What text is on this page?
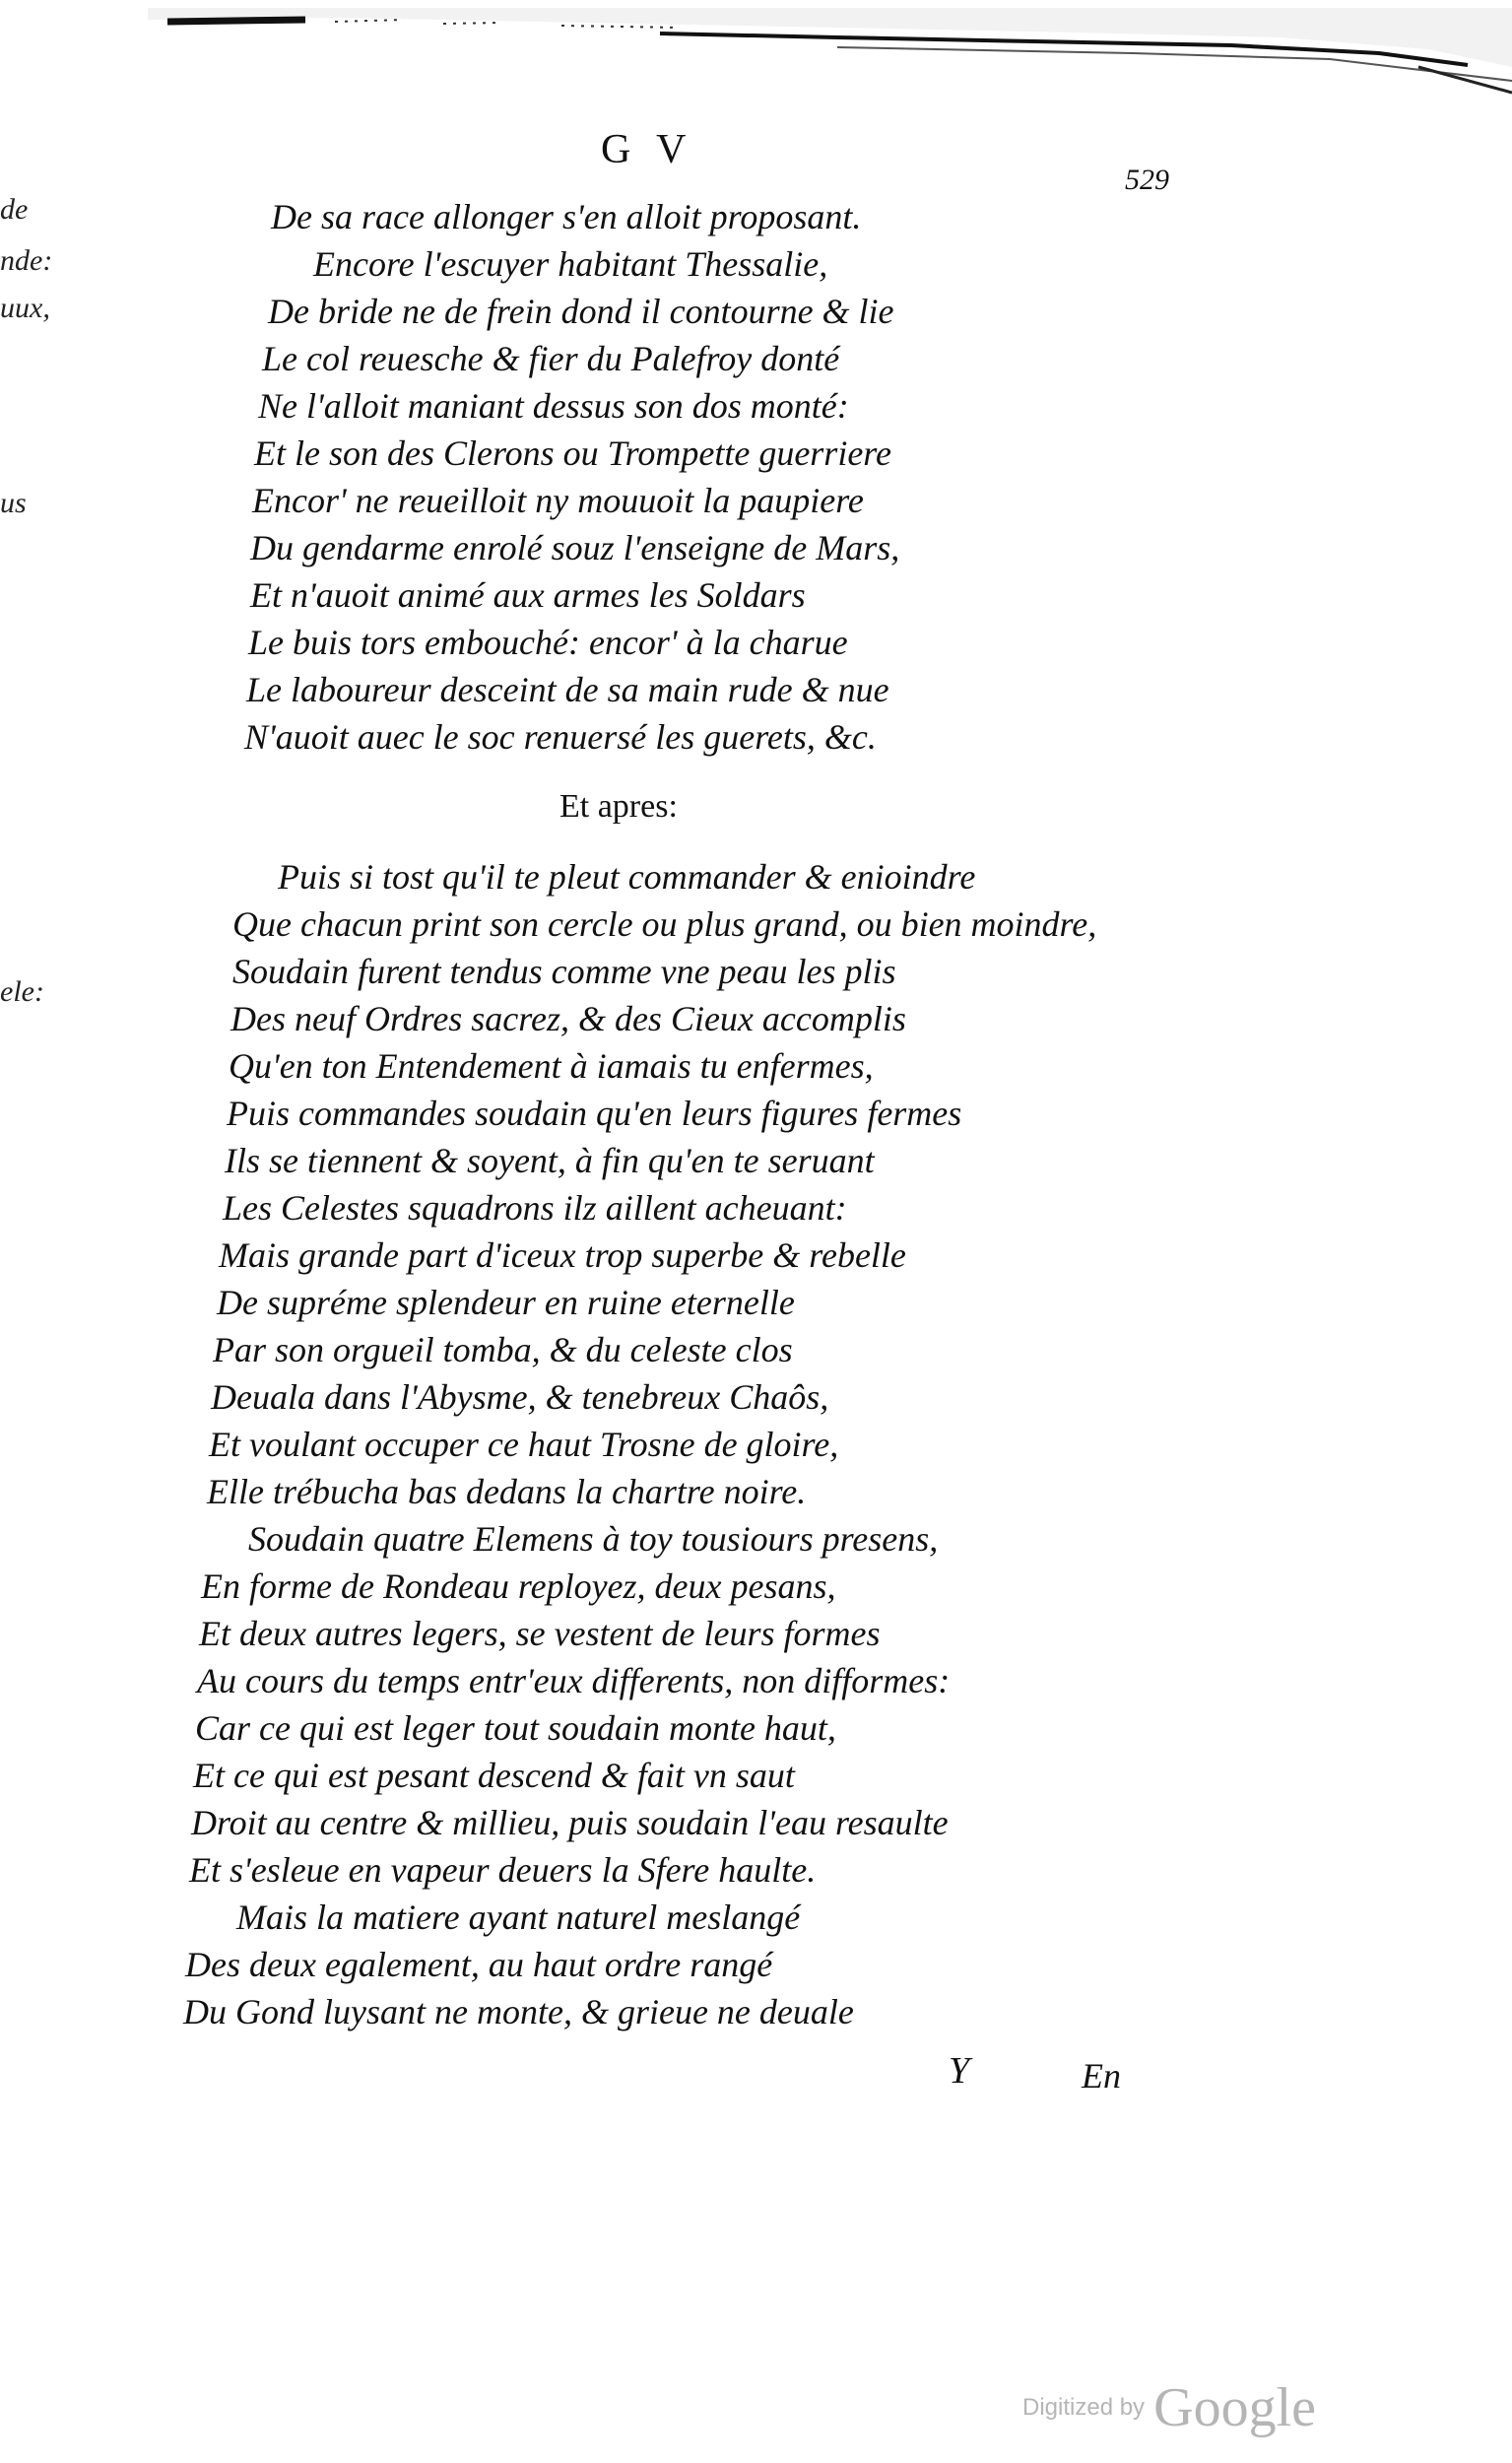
de
nde:
uux,
us
ele:
G V
529
De sa race allonger s'en alloit proposant.
Encore l'escuyer habitant Thessalie,
De bride ne de frein dond il contourne & lie
Le col reuesche & fier du Palefroy donté
Ne l'alloit maniant dessus son dos monté:
Et le son des Clerons ou Trompette guerriere
Encor' ne reueilloit ny mouuoit la paupiere
Du gendarme enrolé souz l'enseigne de Mars,
Et n'auoit animé aux armes les Soldars
Le buis tors embouché: encor' à la charue
Le laboureur desceint de sa main rude & nue
N'auoit auec le soc renuersé les guerets, &c.
Et apres:
Puis si tost qu'il te pleut commander & enioindre
Que chacun print son cercle ou plus grand, ou bien moindre,
Soudain furent tendus comme vne peau les plis
Des neuf Ordres sacrez, & des Cieux accomplis
Qu'en ton Entendement à iamais tu enfermes,
Puis commandes soudain qu'en leurs figures fermes
Ils se tiennent & soyent, à fin qu'en te seruant
Les Celestes squadrons ilz aillent acheuant:
Mais grande part d'iceux trop superbe & rebelle
De supréme splendeur en ruine eternelle
Par son orgueil tomba, & du celeste clos
Deuala dans l'Abysme, & tenebreux Chaôs,
Et voulant occuper ce haut Trosne de gloire,
Elle trébucha bas dedans la chartre noire.
Soudain quatre Elemens à toy tousiours presens,
En forme de Rondeau reployez, deux pesans,
Et deux autres legers, se vestent de leurs formes
Au cours du temps entr'eux differents, non difformes:
Car ce qui est leger tout soudain monte haut,
Et ce qui est pesant descend & fait vn saut
Droit au centre & millieu, puis soudain l'eau resaulte
Et s'esleue en vapeur deuers la Sfere haulte.
Mais la matiere ayant naturel meslangé
Des deux egalement, au haut ordre rangé
Du Gond luysant ne monte, & grieue ne deuale
Y	En
Digitized by Google
